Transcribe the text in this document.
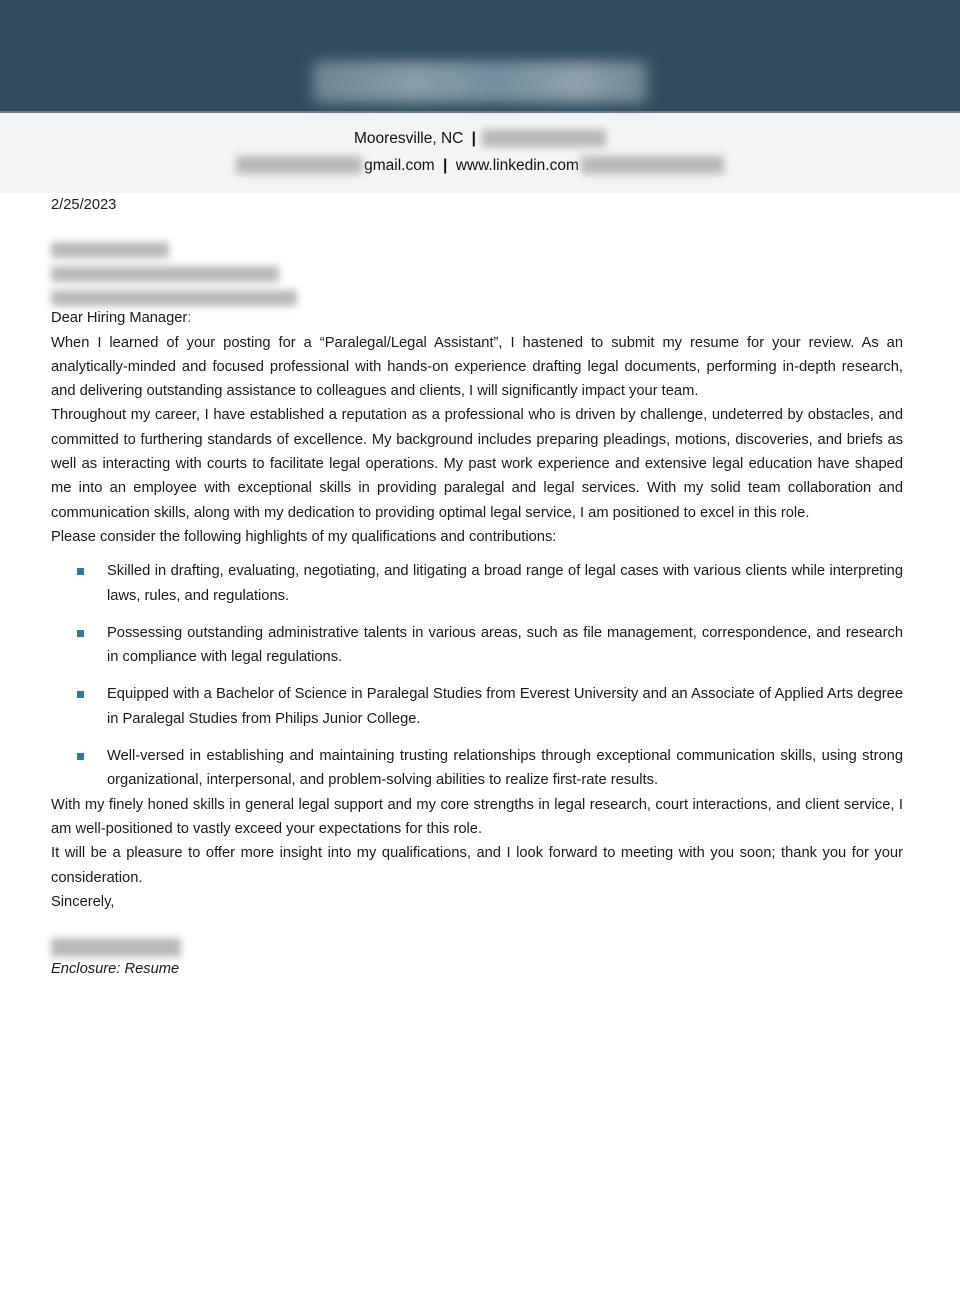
Mooresville, NC |
gmail.com | www.linkedin.com

2/25/2023

Dear Hiring Manager:

When I learned of your posting for a “Paralegal/Legal Assistant”, I hastened to submit my resume for your review. As an analytically-minded and focused professional with hands-on experience drafting legal documents, performing in-depth research, and delivering outstanding assistance to colleagues and clients, I will significantly impact your team.

Throughout my career, I have established a reputation as a professional who is driven by challenge, undeterred by obstacles, and committed to furthering standards of excellence. My background includes preparing pleadings, motions, discoveries, and briefs as well as interacting with courts to facilitate legal operations. My past work experience and extensive legal education have shaped me into an employee with exceptional skills in providing paralegal and legal services. With my solid team collaboration and communication skills, along with my dedication to providing optimal legal service, I am positioned to excel in this role.

Please consider the following highlights of my qualifications and contributions:

Skilled in drafting, evaluating, negotiating, and litigating a broad range of legal cases with various clients while interpreting laws, rules, and regulations.
Possessing outstanding administrative talents in various areas, such as file management, correspondence, and research in compliance with legal regulations.
Equipped with a Bachelor of Science in Paralegal Studies from Everest University and an Associate of Applied Arts degree in Paralegal Studies from Philips Junior College.
Well-versed in establishing and maintaining trusting relationships through exceptional communication skills, using strong organizational, interpersonal, and problem-solving abilities to realize first-rate results.

With my finely honed skills in general legal support and my core strengths in legal research, court interactions, and client service, I am well-positioned to vastly exceed your expectations for this role.

It will be a pleasure to offer more insight into my qualifications, and I look forward to meeting with you soon; thank you for your consideration.

Sincerely,

Enclosure: Resume
